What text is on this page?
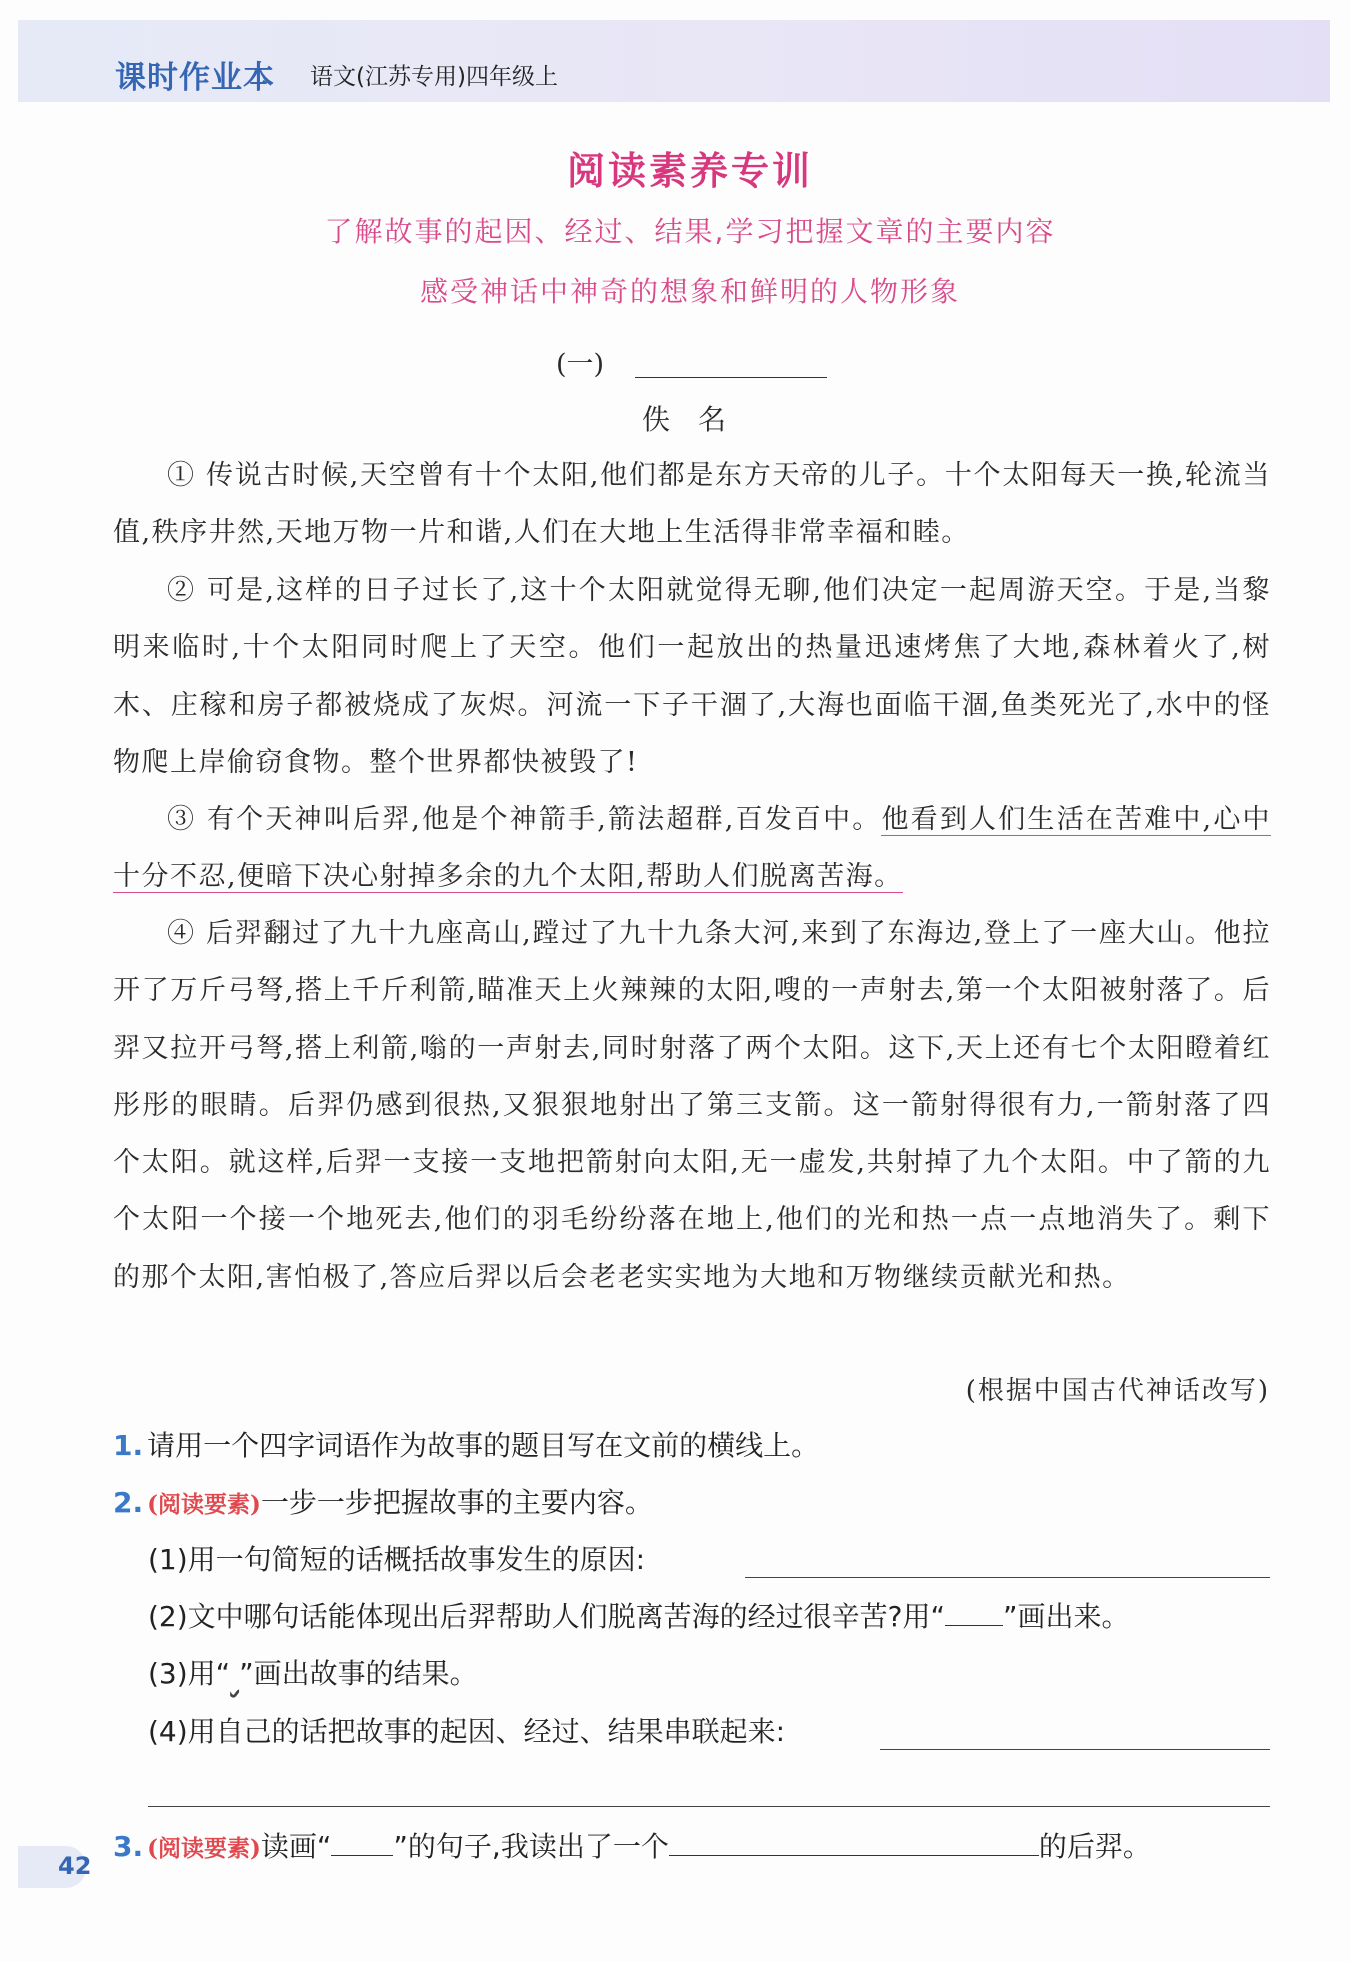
课时作业本 语文(江苏专用)四年级上
阅读素养专训
了解故事的起因、经过、结果,学习把握文章的主要内容
感受神话中神奇的想象和鲜明的人物形象
(一)
佚名

① 传说古时候,天空曾有十个太阳,他们都是东方天帝的儿子。十个太阳每天一换,轮流当值,秩序井然,天地万物一片和谐,人们在大地上生活得非常幸福和睦。

② 可是,这样的日子过长了,这十个太阳就觉得无聊,他们决定一起周游天空。于是,当黎明来临时,十个太阳同时爬上了天空。他们一起放出的热量迅速烤焦了大地,森林着火了,树木、庄稼和房子都被烧成了灰烬。河流一下子干涸了,大海也面临干涸,鱼类死光了,水中的怪物爬上岸偷窃食物。整个世界都快被毁了!

③ 有个天神叫后羿,他是个神箭手,箭法超群,百发百中。他看到人们生活在苦难中,心中十分不忍,便暗下决心射掉多余的九个太阳,帮助人们脱离苦海。

④ 后羿翻过了九十九座高山,蹚过了九十九条大河,来到了东海边,登上了一座大山。他拉开了万斤弓弩,搭上千斤利箭,瞄准天上火辣辣的太阳,嗖的一声射去,第一个太阳被射落了。后羿又拉开弓弩,搭上利箭,嗡的一声射去,同时射落了两个太阳。这下,天上还有七个太阳瞪着红彤彤的眼睛。后羿仍感到很热,又狠狠地射出了第三支箭。这一箭射得很有力,一箭射落了四个太阳。就这样,后羿一支接一支地把箭射向太阳,无一虚发,共射掉了九个太阳。中了箭的九个太阳一个接一个地死去,他们的羽毛纷纷落在地上,他们的光和热一点一点地消失了。剩下的那个太阳,害怕极了,答应后羿以后会老老实实地为大地和万物继续贡献光和热。

(根据中国古代神话改写)
1. 请用一个四字词语作为故事的题目写在文前的横线上。
2. (阅读要素)一步一步把握故事的主要内容。
(1)用一句简短的话概括故事发生的原因:
(2)文中哪句话能体现出后羿帮助人们脱离苦海的经过很辛苦?用“ ”画出来。
(3)用“ ”画出故事的结果。
(4)用自己的话把故事的起因、经过、结果串联起来:
3. (阅读要素)读画“ ”的句子,我读出了一个	的后羿。
42
